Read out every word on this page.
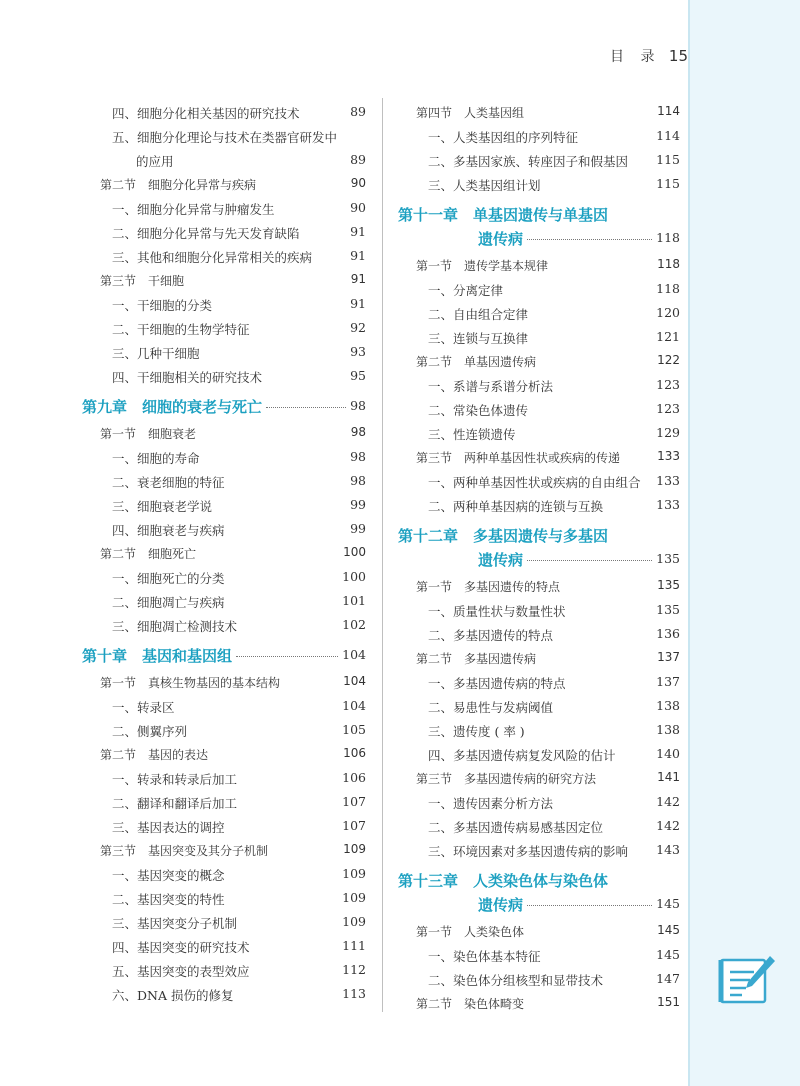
目 录 15
四、细胞分化相关基因的研究技术	89
五、细胞分化理论与技术在类器官研发中
的应用	89
第二节　细胞分化异常与疾病	90
一、细胞分化异常与肿瘤发生	90
二、细胞分化异常与先天发育缺陷	91
三、其他和细胞分化异常相关的疾病	91
第三节　干细胞	91
一、干细胞的分类	91
二、干细胞的生物学特征	92
三、几种干细胞	93
四、干细胞相关的研究技术	95
第九章　细胞的衰老与死亡	98
第一节　细胞衰老	98
一、细胞的寿命	98
二、衰老细胞的特征	98
三、细胞衰老学说	99
四、细胞衰老与疾病	99
第二节　细胞死亡	100
一、细胞死亡的分类	100
二、细胞凋亡与疾病	101
三、细胞凋亡检测技术	102
第十章　基因和基因组	104
第一节　真核生物基因的基本结构	104
一、转录区	104
二、侧翼序列	105
第二节　基因的表达	106
一、转录和转录后加工	106
二、翻译和翻译后加工	107
三、基因表达的调控	107
第三节　基因突变及其分子机制	109
一、基因突变的概念	109
二、基因突变的特性	109
三、基因突变分子机制	109
四、基因突变的研究技术	111
五、基因突变的表型效应	112
六、DNA 损伤的修复	113
第四节　人类基因组	114
一、人类基因组的序列特征	114
二、多基因家族、转座因子和假基因	115
三、人类基因组计划	115
第十一章　单基因遗传与单基因
遗传病	118
第一节　遗传学基本规律	118
一、分离定律	118
二、自由组合定律	120
三、连锁与互换律	121
第二节　单基因遗传病	122
一、系谱与系谱分析法	123
二、常染色体遗传	123
三、性连锁遗传	129
第三节　两种单基因性状或疾病的传递	133
一、两种单基因性状或疾病的自由组合	133
二、两种单基因病的连锁与互换	133
第十二章　多基因遗传与多基因
遗传病	135
第一节　多基因遗传的特点	135
一、质量性状与数量性状	135
二、多基因遗传的特点	136
第二节　多基因遗传病	137
一、多基因遗传病的特点	137
二、易患性与发病阈值	138
三、遗传度 ( 率 )	138
四、多基因遗传病复发风险的估计	140
第三节　多基因遗传病的研究方法	141
一、遗传因素分析方法	142
二、多基因遗传病易感基因定位	142
三、环境因素对多基因遗传病的影响	143
第十三章　人类染色体与染色体
遗传病	145
第一节　人类染色体	145
一、染色体基本特征	145
二、染色体分组核型和显带技术	147
第二节　染色体畸变	151
